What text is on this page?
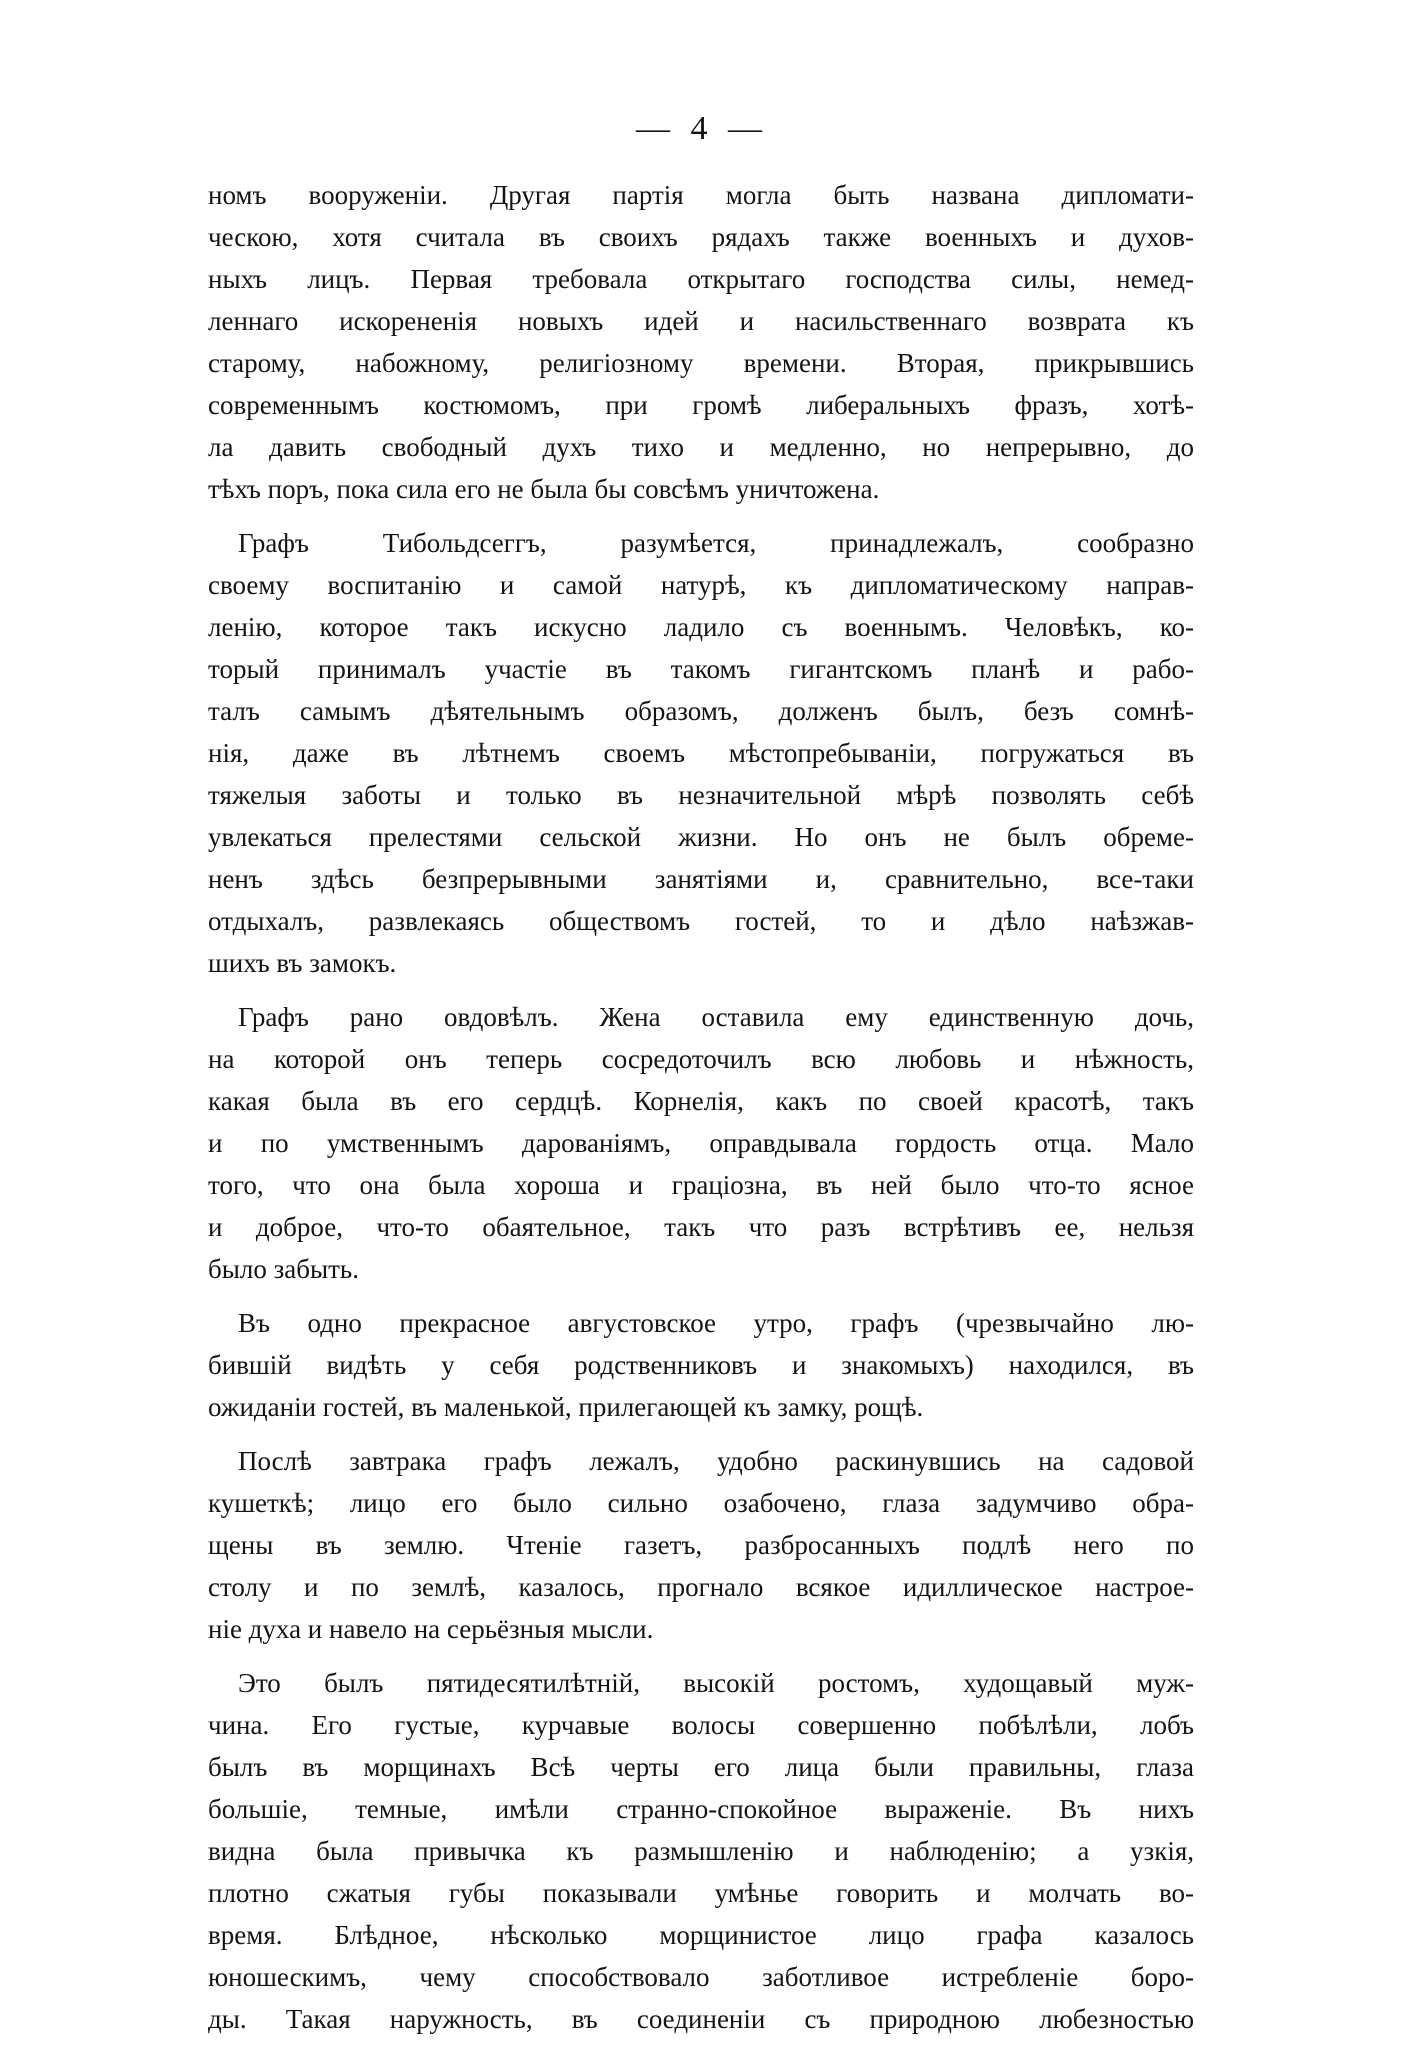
— 4 —
номъ вооруженіи. Другая партія могла быть названа дипломати-
ческою, хотя считала въ своихъ рядахъ также военныхъ и духов-
ныхъ лицъ. Первая требовала открытаго господства силы, немед-
леннаго искорененія новыхъ идей и насильственнаго возврата къ
старому, набожному, религіозному времени. Вторая, прикрывшись
современнымъ костюмомъ, при громѣ либеральныхъ фразъ, хотѣ-
ла давить свободный духъ тихо и медленно, но непрерывно, до
тѣхъ поръ, пока сила его не была бы совсѣмъ уничтожена.
Графъ Тибольдсеггъ, разумѣется, принадлежалъ, сообразно
своему воспитанію и самой натурѣ, къ дипломатическому направ-
ленію, которое такъ искусно ладило съ военнымъ. Человѣкъ, ко-
торый принималъ участіе въ такомъ гигантскомъ планѣ и рабо-
талъ самымъ дѣятельнымъ образомъ, долженъ былъ, безъ сомнѣ-
нія, даже въ лѣтнемъ своемъ мѣстопребываніи, погружаться въ
тяжелыя заботы и только въ незначительной мѣрѣ позволять себѣ
увлекаться прелестями сельской жизни. Но онъ не былъ обреме-
ненъ здѣсь безпрерывными занятіями и, сравнительно, все-таки
отдыхалъ, развлекаясь обществомъ гостей, то и дѣло наѣзжав-
шихъ въ замокъ.
Графъ рано овдовѣлъ. Жена оставила ему единственную дочь,
на которой онъ теперь сосредоточилъ всю любовь и нѣжность,
какая была въ его сердцѣ. Корнелія, какъ по своей красотѣ, такъ
и по умственнымъ дарованіямъ, оправдывала гордость отца. Мало
того, что она была хороша и граціозна, въ ней было что-то ясное
и доброе, что-то обаятельное, такъ что разъ встрѣтивъ ее, нельзя
было забыть.
Въ одно прекрасное августовское утро, графъ (чрезвычайно лю-
бившій видѣть у себя родственниковъ и знакомыхъ) находился, въ
ожиданіи гостей, въ маленькой, прилегающей къ замку, рощѣ.
Послѣ завтрака графъ лежалъ, удобно раскинувшись на садовой
кушеткѣ; лицо его было сильно озабочено, глаза задумчиво обра-
щены въ землю. Чтеніе газетъ, разбросанныхъ подлѣ него по
столу и по землѣ, казалось, прогнало всякое идиллическое настрое-
ніе духа и навело на серьёзныя мысли.
Это былъ пятидесятилѣтній, высокій ростомъ, худощавый муж-
чина. Его густые, курчавые волосы совершенно побѣлѣли, лобъ
былъ въ морщинахъ Всѣ черты его лица были правильны, глаза
большіе, темные, имѣли странно-спокойное выраженіе. Въ нихъ
видна была привычка къ размышленію и наблюденію; а узкія,
плотно сжатыя губы показывали умѣнье говорить и молчать во-
время. Блѣдное, нѣсколько морщинистое лицо графа казалось
юношескимъ, чему способствовало заботливое истребленіе боро-
ды. Такая наружность, въ соединеніи съ природною любезностью
